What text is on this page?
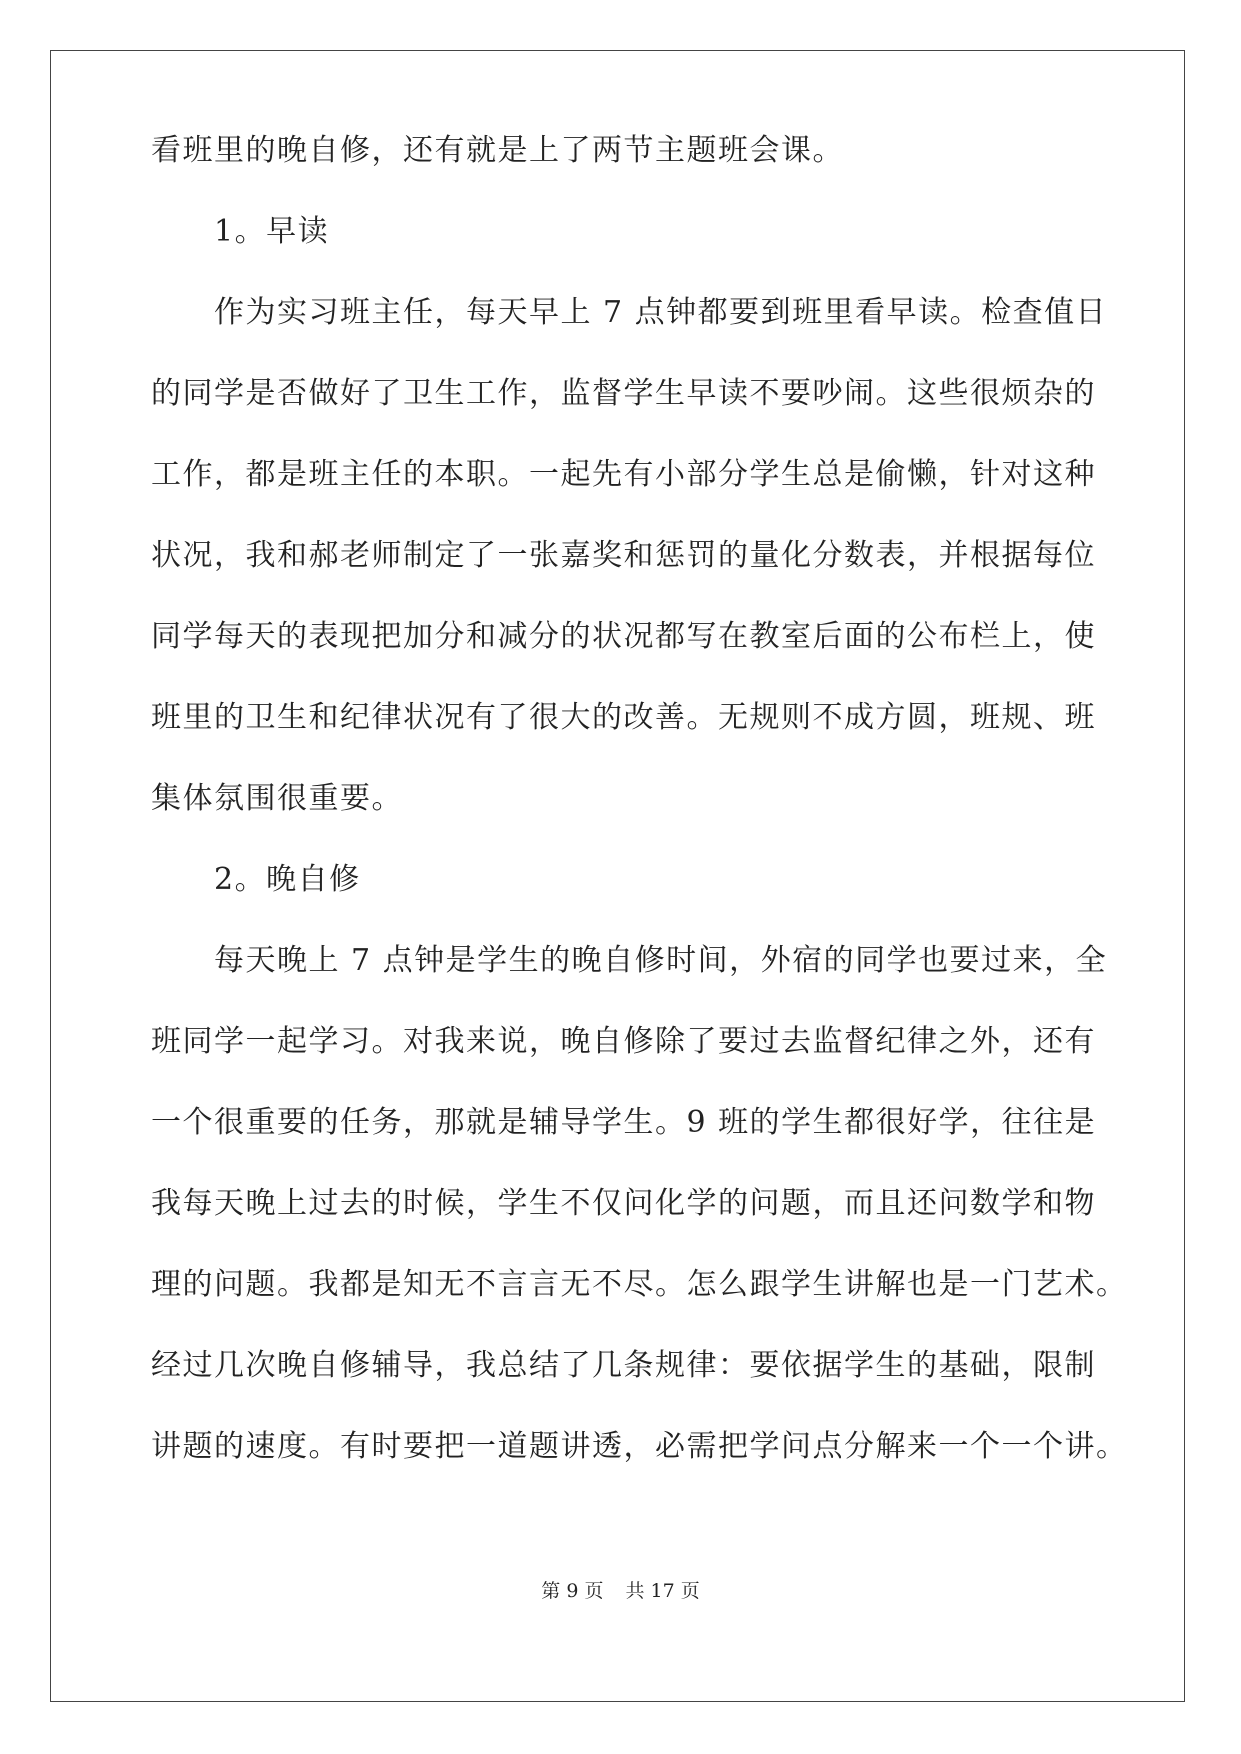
看班里的晚自修，还有就是上了两节主题班会课。

1。早读

作为实习班主任，每天早上 7 点钟都要到班里看早读。检查值日

的同学是否做好了卫生工作，监督学生早读不要吵闹。这些很烦杂的

工作，都是班主任的本职。一起先有小部分学生总是偷懒，针对这种

状况，我和郝老师制定了一张嘉奖和惩罚的量化分数表，并根据每位

同学每天的表现把加分和减分的状况都写在教室后面的公布栏上，使

班里的卫生和纪律状况有了很大的改善。无规则不成方圆，班规、班

集体氛围很重要。

2。晚自修

每天晚上 7 点钟是学生的晚自修时间，外宿的同学也要过来，全

班同学一起学习。对我来说，晚自修除了要过去监督纪律之外，还有

一个很重要的任务，那就是辅导学生。9 班的学生都很好学，往往是

我每天晚上过去的时候，学生不仅问化学的问题，而且还问数学和物

理的问题。我都是知无不言言无不尽。怎么跟学生讲解也是一门艺术。

经过几次晚自修辅导，我总结了几条规律：要依据学生的基础，限制

讲题的速度。有时要把一道题讲透，必需把学问点分解来一个一个讲。

第 9 页 共 17 页
